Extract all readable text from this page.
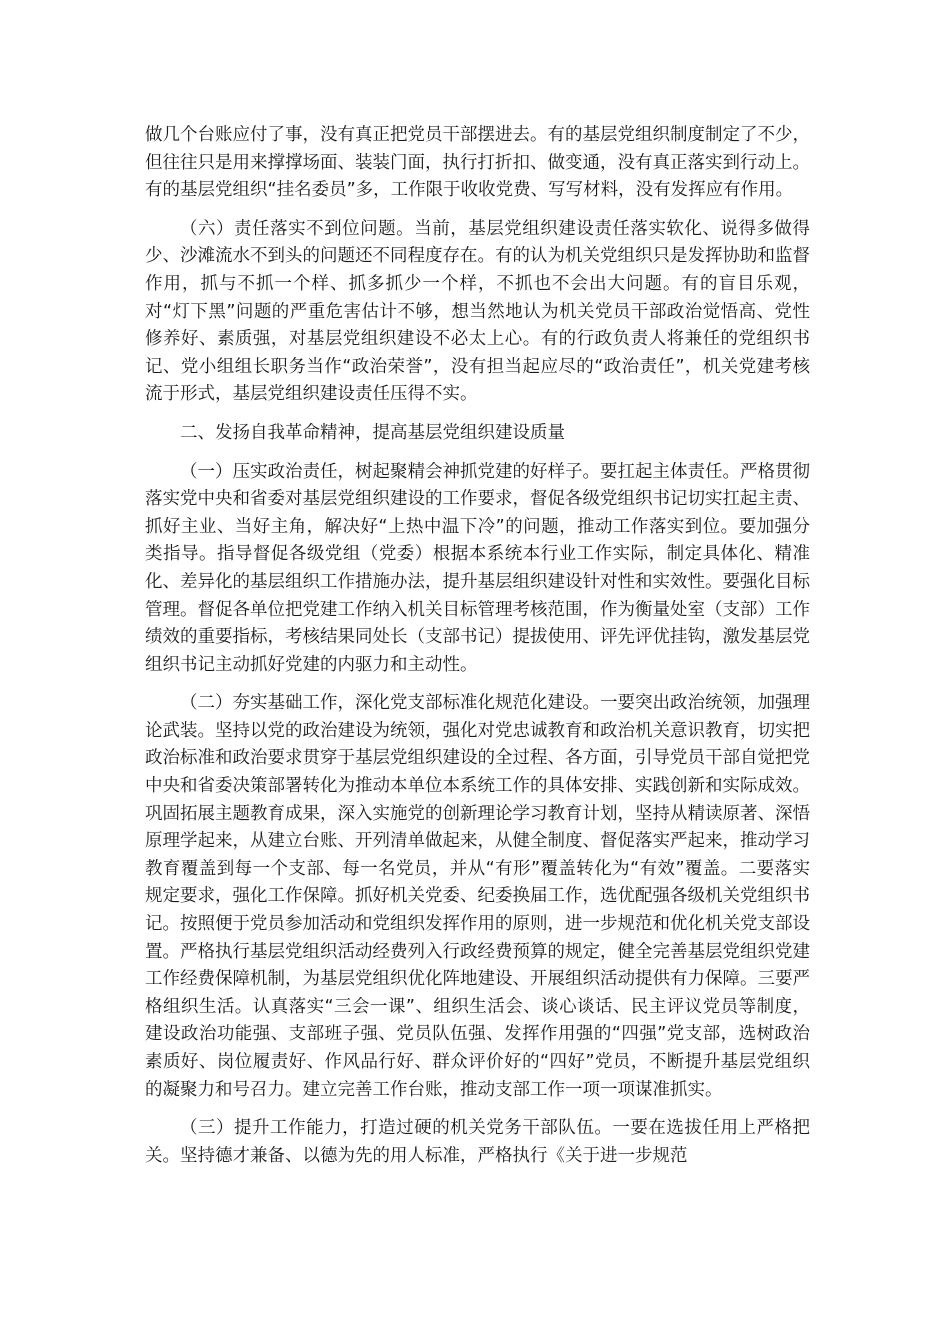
做几个台账应付了事，没有真正把党员干部摆进去。有的基层党组织制度制定了不少，但往往只是用来撑撑场面、装装门面，执行打折扣、做变通，没有真正落实到行动上。有的基层党组织“挂名委员”多，工作限于收收党费、写写材料，没有发挥应有作用。

（六）责任落实不到位问题。当前，基层党组织建设责任落实软化、说得多做得少、沙滩流水不到头的问题还不同程度存在。有的认为机关党组织只是发挥协助和监督作用，抓与不抓一个样、抓多抓少一个样，不抓也不会出大问题。有的盲目乐观，对“灯下黑”问题的严重危害估计不够，想当然地认为机关党员干部政治觉悟高、党性修养好、素质强，对基层党组织建设不必太上心。有的行政负责人将兼任的党组织书记、党小组组长职务当作“政治荣誉”，没有担当起应尽的“政治责任”，机关党建考核流于形式，基层党组织建设责任压得不实。

二、发扬自我革命精神，提高基层党组织建设质量

（一）压实政治责任，树起聚精会神抓党建的好样子。要扛起主体责任。严格贯彻落实党中央和省委对基层党组织建设的工作要求，督促各级党组织书记切实扛起主责、抓好主业、当好主角，解决好“上热中温下冷”的问题，推动工作落实到位。要加强分类指导。指导督促各级党组（党委）根据本系统本行业工作实际，制定具体化、精准化、差异化的基层组织工作措施办法，提升基层组织建设针对性和实效性。要强化目标管理。督促各单位把党建工作纳入机关目标管理考核范围，作为衡量处室（支部）工作绩效的重要指标，考核结果同处长（支部书记）提拔使用、评先评优挂钩，激发基层党组织书记主动抓好党建的内驱力和主动性。

（二）夯实基础工作，深化党支部标准化规范化建设。一要突出政治统领，加强理论武装。坚持以党的政治建设为统领，强化对党忠诚教育和政治机关意识教育，切实把政治标准和政治要求贯穿于基层党组织建设的全过程、各方面，引导党员干部自觉把党中央和省委决策部署转化为推动本单位本系统工作的具体安排、实践创新和实际成效。巩固拓展主题教育成果，深入实施党的创新理论学习教育计划，坚持从精读原著、深悟原理学起来，从建立台账、开列清单做起来，从健全制度、督促落实严起来，推动学习教育覆盖到每一个支部、每一名党员，并从“有形”覆盖转化为“有效”覆盖。二要落实规定要求，强化工作保障。抓好机关党委、纪委换届工作，选优配强各级机关党组织书记。按照便于党员参加活动和党组织发挥作用的原则，进一步规范和优化机关党支部设置。严格执行基层党组织活动经费列入行政经费预算的规定，健全完善基层党组织党建工作经费保障机制，为基层党组织优化阵地建设、开展组织活动提供有力保障。三要严格组织生活。认真落实“三会一课”、组织生活会、谈心谈话、民主评议党员等制度，建设政治功能强、支部班子强、党员队伍强、发挥作用强的“四强”党支部，选树政治素质好、岗位履责好、作风品行好、群众评价好的“四好”党员，不断提升基层党组织的凝聚力和号召力。建立完善工作台账，推动支部工作一项一项谋准抓实。

（三）提升工作能力，打造过硬的机关党务干部队伍。一要在选拔任用上严格把关。坚持德才兼备、以德为先的用人标准，严格执行《关于进一步规范
